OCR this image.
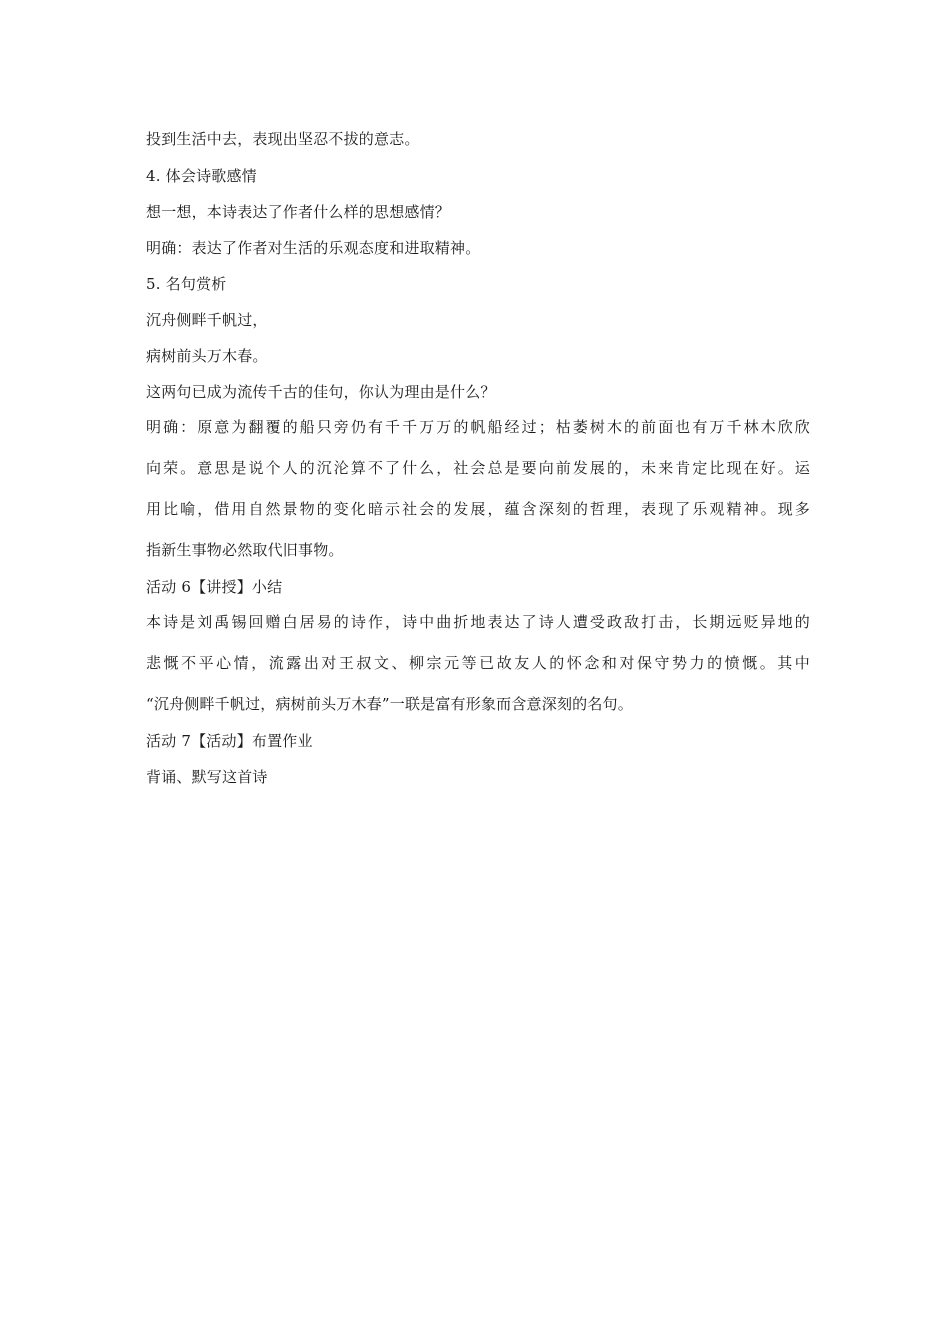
投到生活中去，表现出坚忍不拔的意志。
4. 体会诗歌感情
想一想，本诗表达了作者什么样的思想感情？
明确：表达了作者对生活的乐观态度和进取精神。
5. 名句赏析
沉舟侧畔千帆过，
病树前头万木春。
这两句已成为流传千古的佳句，你认为理由是什么？
明确：原意为翻覆的船只旁仍有千千万万的帆船经过；枯萎树木的前面也有万千林木欣欣
向荣。意思是说个人的沉沦算不了什么，社会总是要向前发展的，未来肯定比现在好。运
用比喻，借用自然景物的变化暗示社会的发展，蕴含深刻的哲理，表现了乐观精神。现多
指新生事物必然取代旧事物。
活动 6【讲授】小结
本诗是刘禹锡回赠白居易的诗作，诗中曲折地表达了诗人遭受政敌打击，长期远贬异地的
悲慨不平心情，流露出对王叔文、柳宗元等已故友人的怀念和对保守势力的愤慨。其中
“沉舟侧畔千帆过，病树前头万木春”一联是富有形象而含意深刻的名句。
活动 7【活动】布置作业
背诵、默写这首诗
